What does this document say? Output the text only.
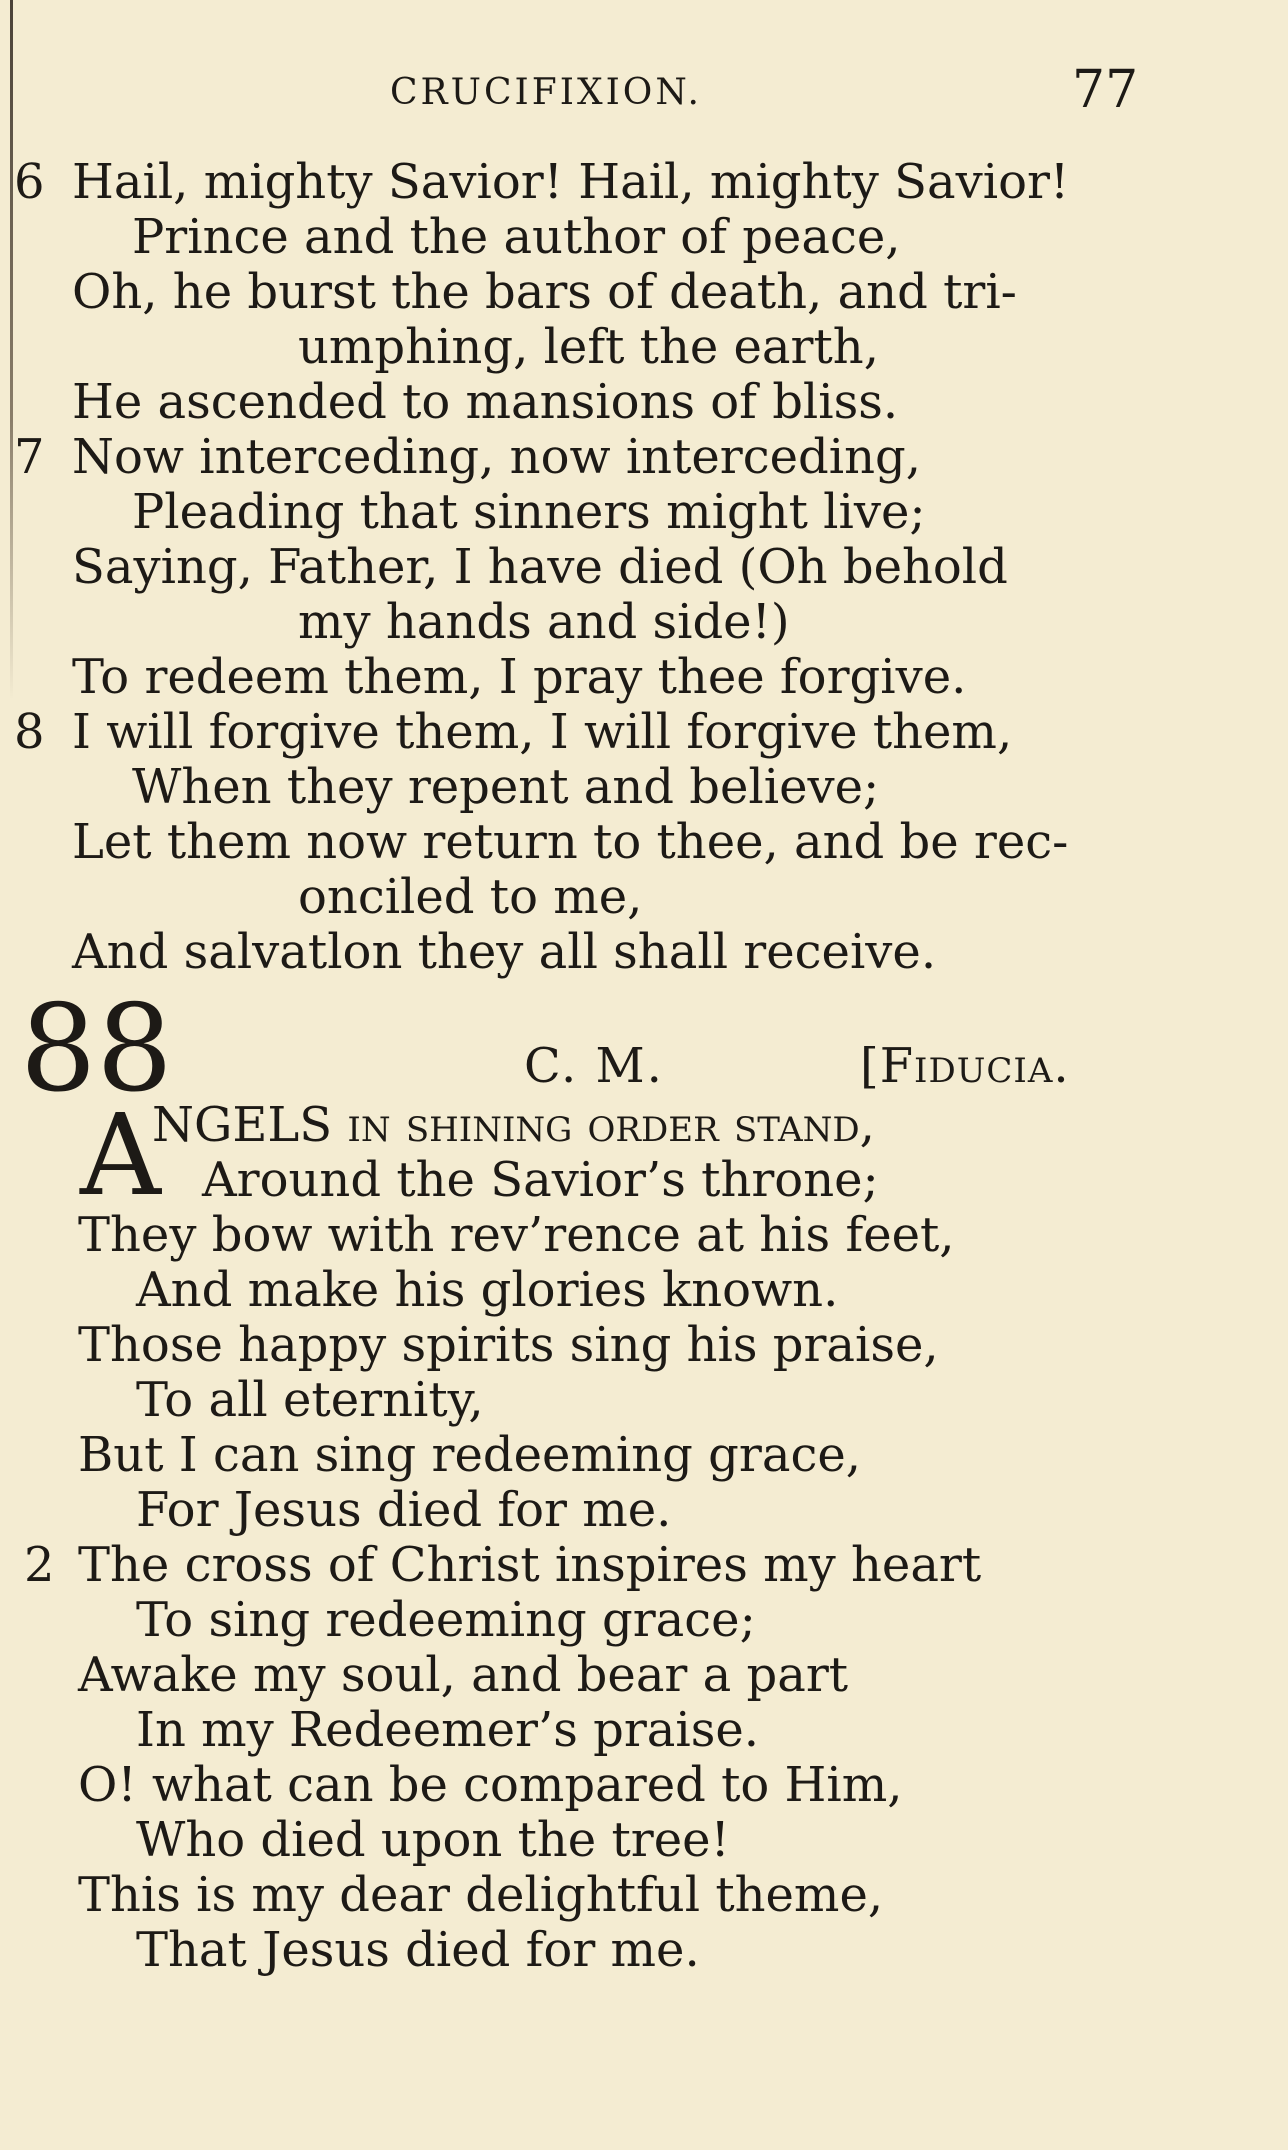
CRUCIFIXION.	77
6 Hail, mighty Savior! Hail, mighty Savior!
Prince and the author of peace,
Oh, he burst the bars of death, and tri-
umphing, left the earth,
He ascended to mansions of bliss.
7 Now interceding, now interceding,
Pleading that sinners might live;
Saying, Father, I have died (Oh behold
my hands and side!)
To redeem them, I pray thee forgive.
8 I will forgive them, I will forgive them,
When they repent and believe;
Let them now return to thee, and be rec-
onciled to me,
And salvatlon they all shall receive.
88	C. M.	[Fiducia.
A
NGELS in shining order stand,
Around the Savior’s throne;
They bow with rev’rence at his feet,
And make his glories known.
Those happy spirits sing his praise,
To all eternity,
But I can sing redeeming grace,
For Jesus died for me.
2 The cross of Christ inspires my heart
To sing redeeming grace;
Awake my soul, and bear a part
In my Redeemer’s praise.
O! what can be compared to Him,
Who died upon the tree!
This is my dear delightful theme,
That Jesus died for me.
